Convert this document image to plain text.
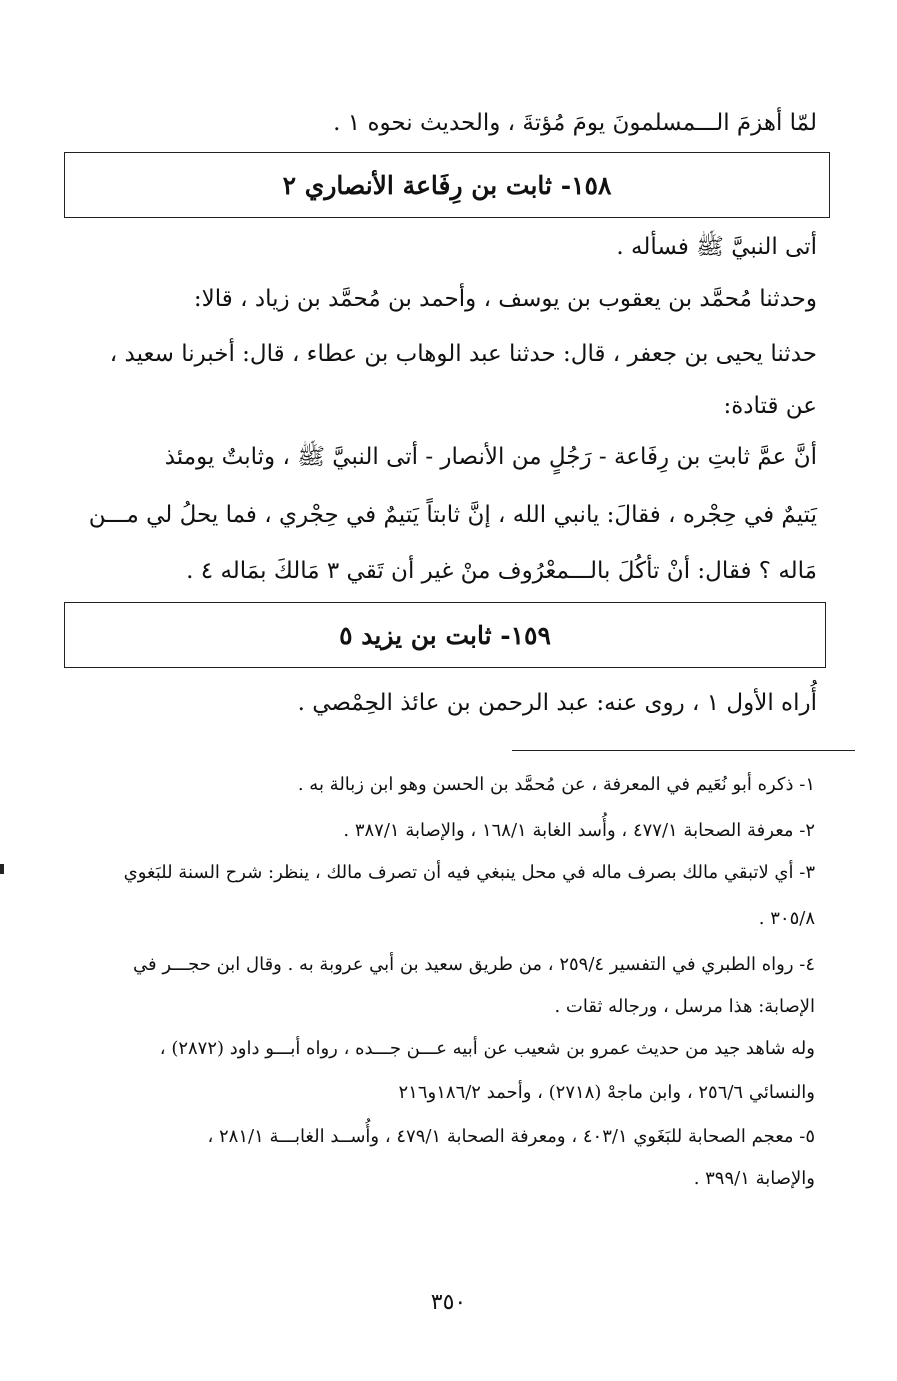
لمّا أهزمَ الـــمسلمونَ يومَ مُؤتةَ ، والحديث نحوه ١ .
١٥٨- ثابت بن رِفَاعة الأنصاري ٢
أتى النبيَّ ﷺ فسأله .
وحدثنا مُحمَّد بن يعقوب بن يوسف ، وأحمد بن مُحمَّد بن زياد ، قالا:
حدثنا يحيى بن جعفر ، قال: حدثنا عبد الوهاب بن عطاء ، قال: أخبرنا سعيد ،
عن قتادة:
أنَّ عمَّ ثابتِ بن رِفَاعة - رَجُلٍ من الأنصار - أتى النبيَّ ﷺ ، وثابتٌ يومئذ
يَتيمٌ في حِجْره ، فقالَ: يانبي الله ، إنَّ ثابتاً يَتيمٌ في حِجْري ، فما يحلُ لي مـــن
مَاله ؟ فقال: أنْ تأكُلَ بالـــمعْرُوف منْ غير أن تَقي ٣ مَالكَ بمَاله ٤ .
١٥٩- ثابت بن يزيد ٥
أُراه الأول ١ ، روى عنه: عبد الرحمن بن عائذ الحِمْصي .
١- ذكره أبو نُعَيم في المعرفة ، عن مُحمَّد بن الحسن وهو ابن زبالة به .
٢- معرفة الصحابة ٤٧٧/١ ، وأُسد الغابة ١٦٨/١ ، والإصابة ٣٨٧/١ .
٣- أي لاتبقي مالك بصرف ماله في محل ينبغي فيه أن تصرف مالك ، ينظر: شرح السنة للبَغوي
٣٠٥/٨ .
٤- رواه الطبري في التفسير ٢٥٩/٤ ، من طريق سعيد بن أبي عروبة به . وقال ابن حجـــر في
الإصابة: هذا مرسل ، ورجاله ثقات .
وله شاهد جيد من حديث عمرو بن شعيب عن أبيه عـــن جـــده ، رواه أبـــو داود (٢٨٧٢) ،
والنسائي ٢٥٦/٦ ، وابن ماجهْ (٢٧١٨) ، وأحمد ١٨٦/٢و٢١٦
٥- معجم الصحابة للبَغَوي ٤٠٣/١ ، ومعرفة الصحابة ٤٧٩/١ ، وأُســد الغابـــة ٢٨١/١ ،
والإصابة ٣٩٩/١ .
٣٥٠
